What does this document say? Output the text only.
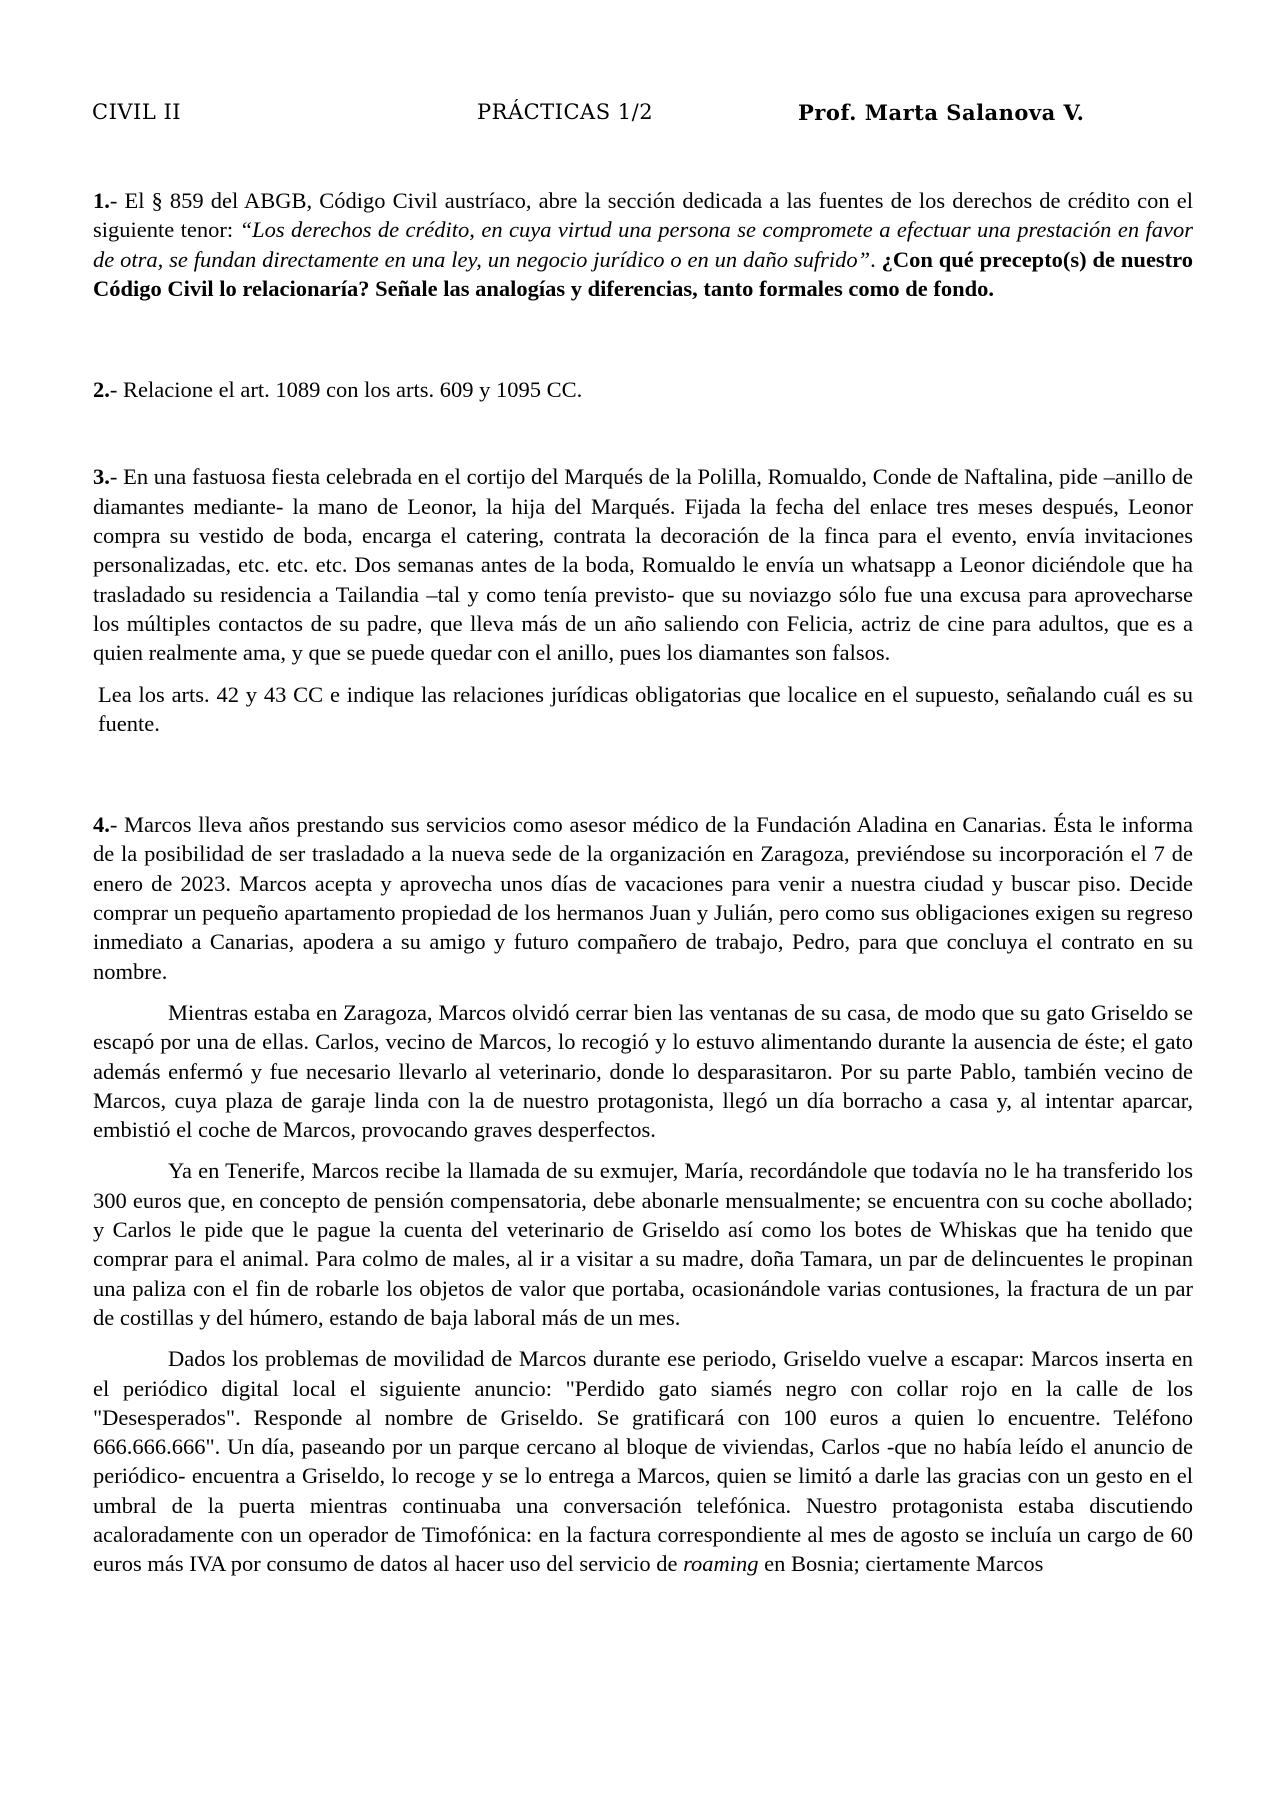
CIVIL II	PRÁCTICAS 1/2	Prof. Marta Salanova V.

1.- El § 859 del ABGB, Código Civil austríaco, abre la sección dedicada a las fuentes de los derechos de crédito con el siguiente tenor: “Los derechos de crédito, en cuya virtud una persona se compromete a efectuar una prestación en favor de otra, se fundan directamente en una ley, un negocio jurídico o en un daño sufrido”. ¿Con qué precepto(s) de nuestro Código Civil lo relacionaría? Señale las analogías y diferencias, tanto formales como de fondo.

2.- Relacione el art. 1089 con los arts. 609 y 1095 CC.

3.- En una fastuosa fiesta celebrada en el cortijo del Marqués de la Polilla, Romualdo, Conde de Naftalina, pide –anillo de diamantes mediante- la mano de Leonor, la hija del Marqués. Fijada la fecha del enlace tres meses después, Leonor compra su vestido de boda, encarga el catering, contrata la decoración de la finca para el evento, envía invitaciones personalizadas, etc. etc. etc. Dos semanas antes de la boda, Romualdo le envía un whatsapp a Leonor diciéndole que ha trasladado su residencia a Tailandia –tal y como tenía previsto- que su noviazgo sólo fue una excusa para aprovecharse los múltiples contactos de su padre, que lleva más de un año saliendo con Felicia, actriz de cine para adultos, que es a quien realmente ama, y que se puede quedar con el anillo, pues los diamantes son falsos.

Lea los arts. 42 y 43 CC e indique las relaciones jurídicas obligatorias que localice en el supuesto, señalando cuál es su fuente.

4.- Marcos lleva años prestando sus servicios como asesor médico de la Fundación Aladina en Canarias. Ésta le informa de la posibilidad de ser trasladado a la nueva sede de la organización en Zaragoza, previéndose su incorporación el 7 de enero de 2023. Marcos acepta y aprovecha unos días de vacaciones para venir a nuestra ciudad y buscar piso. Decide comprar un pequeño apartamento propiedad de los hermanos Juan y Julián, pero como sus obligaciones exigen su regreso inmediato a Canarias, apodera a su amigo y futuro compañero de trabajo, Pedro, para que concluya el contrato en su nombre.

Mientras estaba en Zaragoza, Marcos olvidó cerrar bien las ventanas de su casa, de modo que su gato Griseldo se escapó por una de ellas. Carlos, vecino de Marcos, lo recogió y lo estuvo alimentando durante la ausencia de éste; el gato además enfermó y fue necesario llevarlo al veterinario, donde lo desparasitaron. Por su parte Pablo, también vecino de Marcos, cuya plaza de garaje linda con la de nuestro protagonista, llegó un día borracho a casa y, al intentar aparcar, embistió el coche de Marcos, provocando graves desperfectos.

Ya en Tenerife, Marcos recibe la llamada de su exmujer, María, recordándole que todavía no le ha transferido los 300 euros que, en concepto de pensión compensatoria, debe abonarle mensualmente; se encuentra con su coche abollado; y Carlos le pide que le pague la cuenta del veterinario de Griseldo así como los botes de Whiskas que ha tenido que comprar para el animal. Para colmo de males, al ir a visitar a su madre, doña Tamara, un par de delincuentes le propinan una paliza con el fin de robarle los objetos de valor que portaba, ocasionándole varias contusiones, la fractura de un par de costillas y del húmero, estando de baja laboral más de un mes.

Dados los problemas de movilidad de Marcos durante ese periodo, Griseldo vuelve a escapar: Marcos inserta en el periódico digital local el siguiente anuncio: "Perdido gato siamés negro con collar rojo en la calle de los "Desesperados". Responde al nombre de Griseldo. Se gratificará con 100 euros a quien lo encuentre. Teléfono 666.666.666". Un día, paseando por un parque cercano al bloque de viviendas, Carlos -que no había leído el anuncio de periódico- encuentra a Griseldo, lo recoge y se lo entrega a Marcos, quien se limitó a darle las gracias con un gesto en el umbral de la puerta mientras continuaba una conversación telefónica. Nuestro protagonista estaba discutiendo acaloradamente con un operador de Timofónica: en la factura correspondiente al mes de agosto se incluía un cargo de 60 euros más IVA por consumo de datos al hacer uso del servicio de roaming en Bosnia; ciertamente Marcos
